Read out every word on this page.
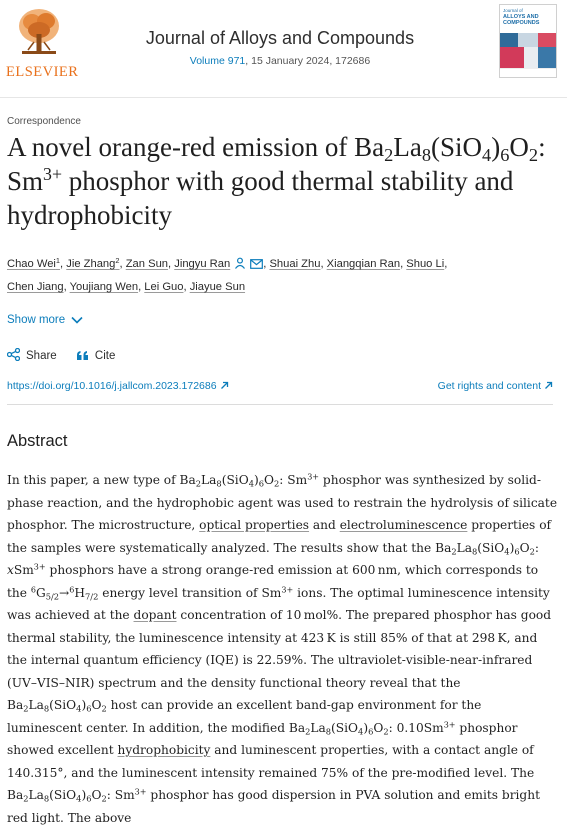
ELSEVIER
Journal of Alloys and Compounds
Volume 971, 15 January 2024, 172686
Journal of
ALLOYS AND
COMPOUNDS
Correspondence
A novel orange-red emission of $Ba_2La_8(SiO_4)_6O_2$: $Sm^{3+}$ phosphor with good thermal stability and hydrophobicity
Chao Wei$^1$, Jie Zhang$^2$, Zan Sun, Jingyu Ran	, Shuai Zhu, Xiangqian Ran, Shuo Li,
Chen Jiang, Youjiang Wen, Lei Guo, Jiayue Sun
Show more
Share	Cite
https://doi.org/10.1016/j.jallcom.2023.172686	Get rights and content
Abstract
In this paper, a new type of $Ba_2La_8(SiO_4)_6O_2$: $Sm^{3+}$ phosphor was synthesized by solid-phase reaction, and the hydrophobic agent was used to restrain the hydrolysis of silicate phosphor. The microstructure, optical properties and electroluminescence properties of the samples were systematically analyzed. The results show that the $Ba_2La_8(SiO_4)_6O_2$: xSm$^{3+}$ phosphors have a strong orange-red emission at 600 nm, which corresponds to the $^6G_{5/2}\to^6H_{7/2}$ energy level transition of $Sm^{3+}$ ions. The optimal luminescence intensity was achieved at the dopant concentration of 10 mol%. The prepared phosphor has good thermal stability, the luminescence intensity at 423 K is still 85% of that at 298 K, and the internal quantum efficiency (IQE) is 22.59%. The ultraviolet-visible-near-infrared (UV–VIS–NIR) spectrum and the density functional theory reveal that the $Ba_2La_8(SiO_4)_6O_2$ host can provide an excellent band-gap environment for the luminescent center. In addition, the modified $Ba_2La_8(SiO_4)_6O_2$: $0.10Sm^{3+}$ phosphor showed excellent hydrophobicity and luminescent properties, with a contact angle of 140.315°, and the luminescent intensity remained 75% of the pre-modified level. The $Ba_2La_8(SiO_4)_6O_2$: $Sm^{3+}$ phosphor has good dispersion in PVA solution and emits bright red light. The above
